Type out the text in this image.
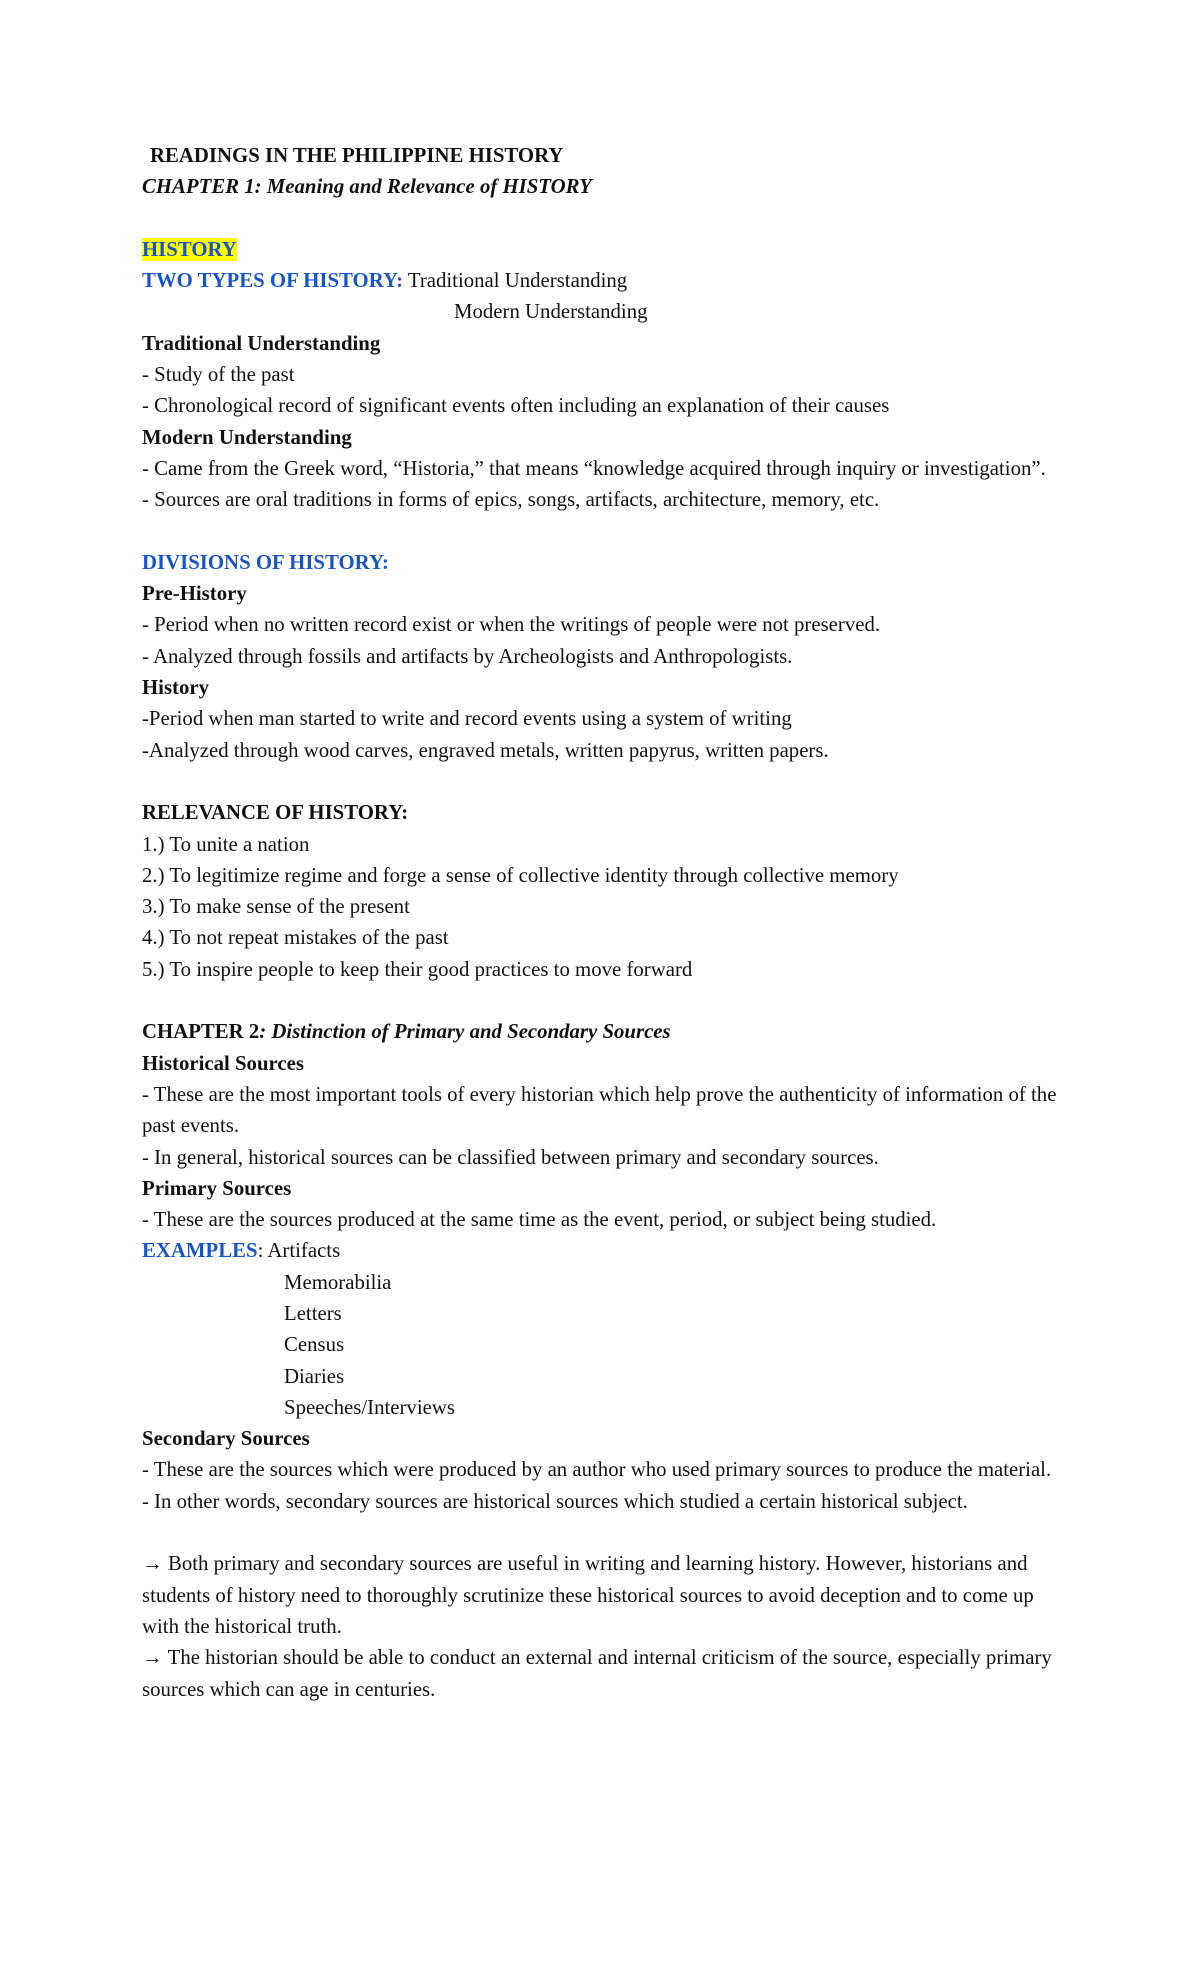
READINGS IN THE PHILIPPINE HISTORY

CHAPTER 1: Meaning and Relevance of HISTORY

HISTORY

TWO TYPES OF HISTORY: Traditional Understanding

Modern Understanding

Traditional Understanding

- Study of the past

- Chronological record of significant events often including an explanation of their causes

Modern Understanding

- Came from the Greek word, “Historia,” that means “knowledge acquired through inquiry or investigation”.

- Sources are oral traditions in forms of epics, songs, artifacts, architecture, memory, etc.

DIVISIONS OF HISTORY:

Pre-History

- Period when no written record exist or when the writings of people were not preserved.

- Analyzed through fossils and artifacts by Archeologists and Anthropologists.

History

-Period when man started to write and record events using a system of writing

-Analyzed through wood carves, engraved metals, written papyrus, written papers.

RELEVANCE OF HISTORY:

1.) To unite a nation

2.) To legitimize regime and forge a sense of collective identity through collective memory

3.) To make sense of the present

4.) To not repeat mistakes of the past

5.) To inspire people to keep their good practices to move forward

CHAPTER 2: Distinction of Primary and Secondary Sources

Historical Sources

- These are the most important tools of every historian which help prove the authenticity of information of the past events.

- In general, historical sources can be classified between primary and secondary sources.

Primary Sources

- These are the sources produced at the same time as the event, period, or subject being studied.

EXAMPLES: Artifacts

Memorabilia

Letters

Census

Diaries

Speeches/Interviews

Secondary Sources

- These are the sources which were produced by an author who used primary sources to produce the material.

- In other words, secondary sources are historical sources which studied a certain historical subject.

→ Both primary and secondary sources are useful in writing and learning history. However, historians and students of history need to thoroughly scrutinize these historical sources to avoid deception and to come up with the historical truth.

→ The historian should be able to conduct an external and internal criticism of the source, especially primary sources which can age in centuries.
